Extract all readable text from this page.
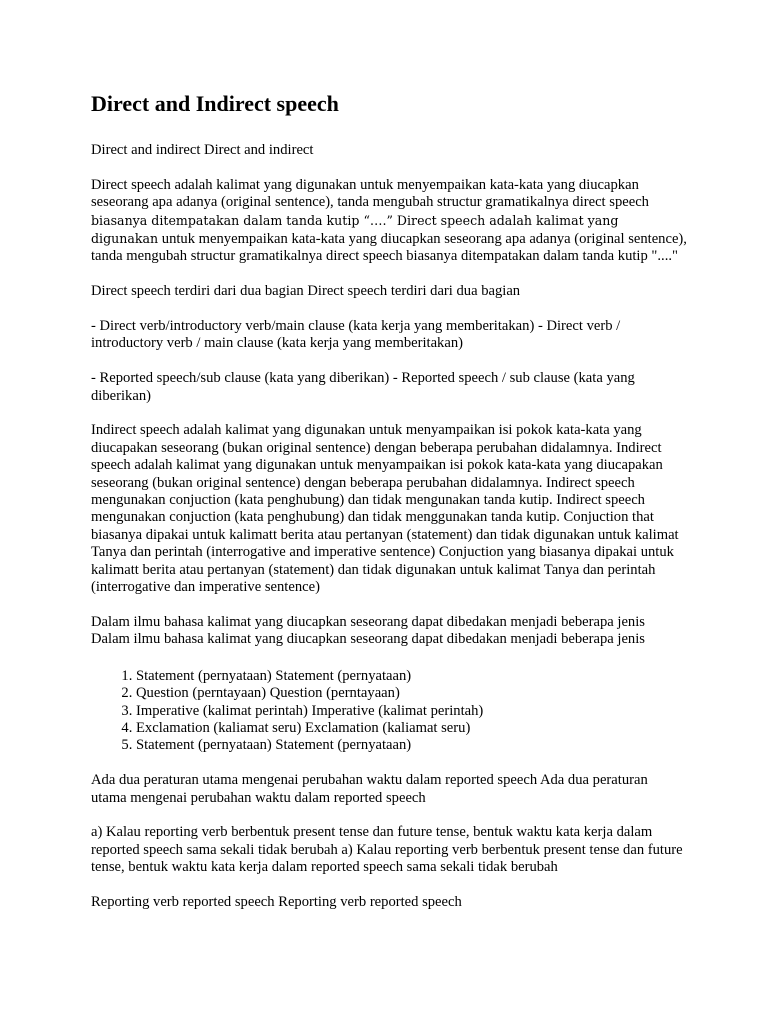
Direct and Indirect speech

Direct and indirect Direct and indirect

Direct speech adalah kalimat yang digunakan untuk menyempaikan kata-kata yang diucapkan seseorang apa adanya (original sentence), tanda mengubah structur gramatikalnya direct speech biasanya ditempatakan dalam tanda kutip “….” Direct speech adalah kalimat yang digunakan untuk menyempaikan kata-kata yang diucapkan seseorang apa adanya (original sentence), tanda mengubah structur gramatikalnya direct speech biasanya ditempatakan dalam tanda kutip "...."

Direct speech terdiri dari dua bagian Direct speech terdiri dari dua bagian

- Direct verb/introductory verb/main clause (kata kerja yang memberitakan) - Direct verb / introductory verb / main clause (kata kerja yang memberitakan)

- Reported speech/sub clause (kata yang diberikan) - Reported speech / sub clause (kata yang diberikan)

Indirect speech adalah kalimat yang digunakan untuk menyampaikan isi pokok kata-kata yang diucapakan seseorang (bukan original sentence) dengan beberapa perubahan didalamnya. Indirect speech adalah kalimat yang digunakan untuk menyampaikan isi pokok kata-kata yang diucapakan seseorang (bukan original sentence) dengan beberapa perubahan didalamnya. Indirect speech mengunakan conjuction (kata penghubung) dan tidak mengunakan tanda kutip. Indirect speech mengunakan conjuction (kata penghubung) dan tidak menggunakan tanda kutip. Conjuction that biasanya dipakai untuk kalimatt berita atau pertanyan (statement) dan tidak digunakan untuk kalimat Tanya dan perintah (interrogative and imperative sentence) Conjuction yang biasanya dipakai untuk kalimatt berita atau pertanyan (statement) dan tidak digunakan untuk kalimat Tanya dan perintah (interrogative dan imperative sentence)

Dalam ilmu bahasa kalimat yang diucapkan seseorang dapat dibedakan menjadi beberapa jenis Dalam ilmu bahasa kalimat yang diucapkan seseorang dapat dibedakan menjadi beberapa jenis

1. Statement (pernyataan) Statement (pernyataan)
2. Question (perntayaan) Question (perntayaan)
3. Imperative (kalimat perintah) Imperative (kalimat perintah)
4. Exclamation (kaliamat seru) Exclamation (kaliamat seru)
5. Statement (pernyataan) Statement (pernyataan)

Ada dua peraturan utama mengenai perubahan waktu dalam reported speech Ada dua peraturan utama mengenai perubahan waktu dalam reported speech

a) Kalau reporting verb berbentuk present tense dan future tense, bentuk waktu kata kerja dalam reported speech sama sekali tidak berubah a) Kalau reporting verb berbentuk present tense dan future tense, bentuk waktu kata kerja dalam reported speech sama sekali tidak berubah

Reporting verb reported speech Reporting verb reported speech
